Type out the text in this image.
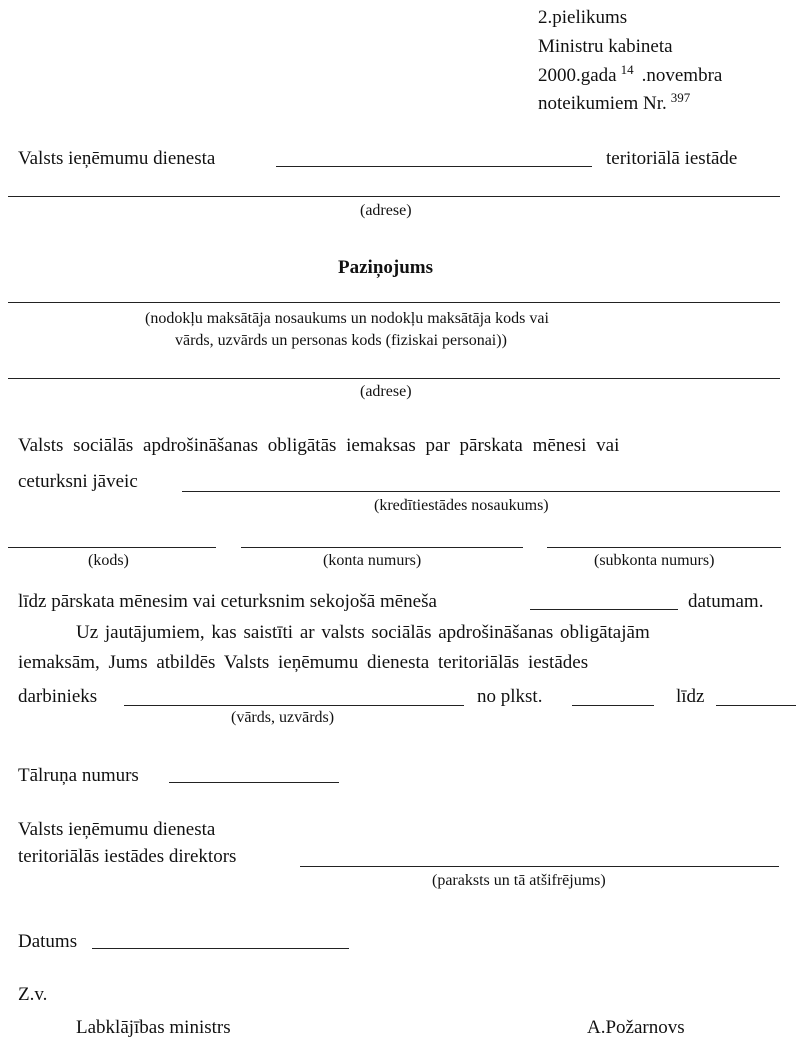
2.pielikums
Ministru kabineta
2000.gada $^{14}$ .novembra
noteikumiem Nr. $^{397}$
Valsts ieņēmumu dienesta	teritoriālā iestāde
(adrese)
Paziņojums
(nodokļu maksātāja nosaukums un nodokļu maksātāja kods vai
vārds, uzvārds un personas kods (fiziskai personai))
(adrese)
Valsts sociālās apdrošināšanas obligātās iemaksas par pārskata mēnesi vai
ceturksni jāveic
(kredītiestādes nosaukums)
(kods)	(konta numurs)	(subkonta numurs)
līdz pārskata mēnesim vai ceturksnim sekojošā mēneša	datumam.
Uz jautājumiem, kas saistīti ar valsts sociālās apdrošināšanas obligātajām
iemaksām, Jums atbildēs Valsts ieņēmumu dienesta teritoriālās iestādes
darbinieks	no plkst.	līdz
(vārds, uzvārds)
Tālruņa numurs
Valsts ieņēmumu dienesta
teritoriālās iestādes direktors
(paraksts un tā atšifrējums)
Datums
Z.v.
Labklājības ministrs	A.Požarnovs
